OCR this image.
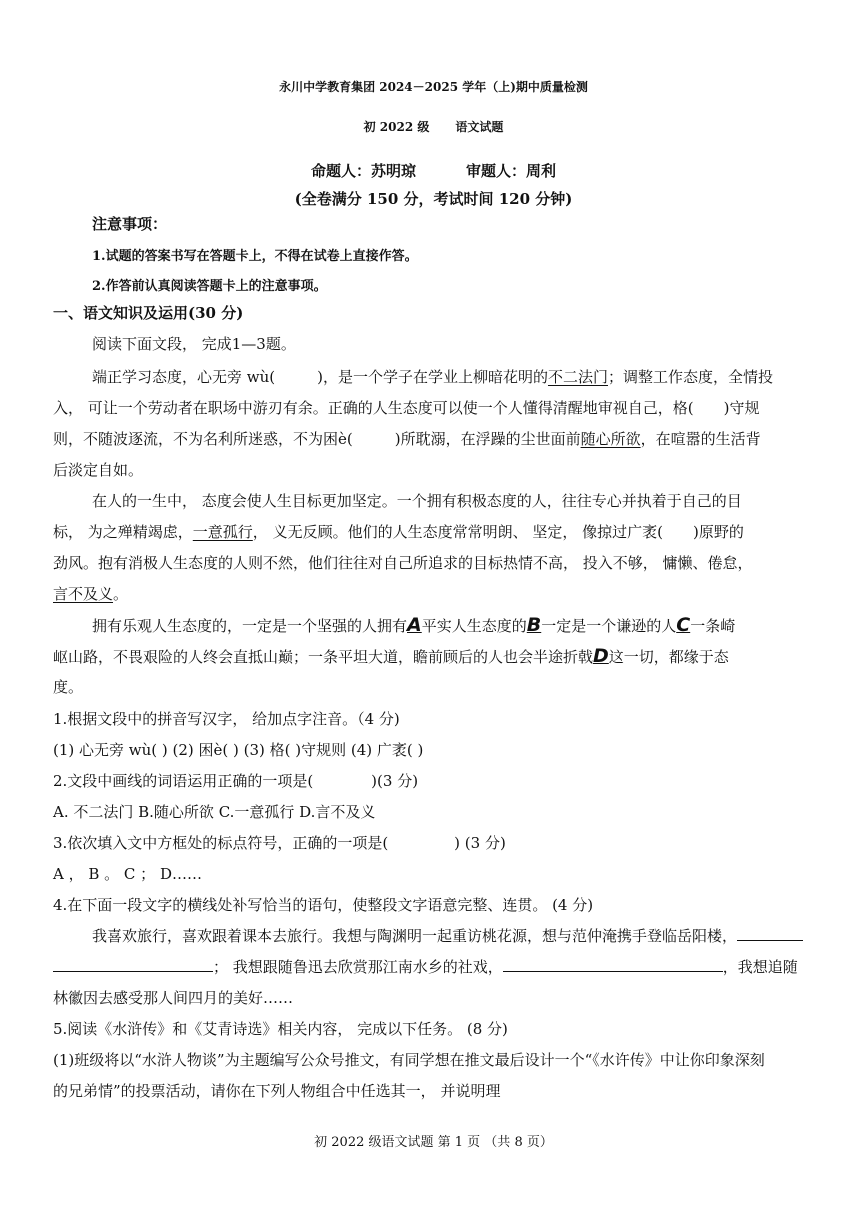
永川中学教育集团 2024－2025 学年（上)期中质量检测
初 2022 级 语文试题
命题人：苏明琼	审题人：周利
(全卷满分 150 分，考试时间 120 分钟)
注意事项：
1.试题的答案书写在答题卡上，不得在试卷上直接作答。
2.作答前认真阅读答题卡上的注意事项。
一、语文知识及运用(30 分)
阅读下面文段， 完成1—3题。
端正学习态度，心无旁 wù(	)，是一个学子在学业上柳暗花明的不二法门；调整工作态度，全情投
入， 可让一个劳动者在职场中游刃有余。正确的人生态度可以使一个人懂得清醒地审视自己，格( )守规
则，不随波逐流，不为名利所迷惑，不为困è(	)所耽溺，在浮躁的尘世面前随心所欲，在喧嚣的生活背
后淡定自如。
在人的一生中， 态度会使人生目标更加坚定。一个拥有积极态度的人，往往专心并执着于自己的目
标， 为之殚精竭虑，一意孤行， 义无反顾。他们的人生态度常常明朗、 坚定， 像掠过广袤( )原野的
劲风。抱有消极人生态度的人则不然，他们往往对自己所追求的目标热情不高， 投入不够， 慵懒、倦怠，
言不及义。
拥有乐观人生态度的，一定是一个坚强的人拥有A平实人生态度的B一定是一个谦逊的人C一条崎
岖山路，不畏艰险的人终会直抵山巅；一条平坦大道，瞻前顾后的人也会半途折戟D这一切，都缘于态
度。
1.根据文段中的拼音写汉字， 给加点字注音。（4 分)
(1) 心无旁 wù( ) (2) 困è( ) (3) 格( )守规则 (4) 广袤( )
2.文段中画线的词语运用正确的一项是(	)(3 分)
A. 不二法门 B.随心所欲 C.一意孤行 D.言不及义
3.依次填入文中方框处的标点符号，正确的一项是(	) (3 分)
A ， B 。 C ； D……
4.在下面一段文字的横线处补写恰当的语句，使整段文字语意完整、连贯。 (4 分)
我喜欢旅行，喜欢跟着课本去旅行。我想与陶渊明一起重访桃花源，想与范仲淹携手登临岳阳楼，
； 我想跟随鲁迅去欣赏那江南水乡的社戏，	，我想追随
林徽因去感受那人间四月的美好……
5.阅读《水浒传》和《艾青诗选》相关内容， 完成以下任务。 (8 分)
(1)班级将以“水浒人物谈”为主题编写公众号推文，有同学想在推文最后设计一个“《水许传》中让你印象深刻
的兄弟情”的投票活动，请你在下列人物组合中任选其一， 并说明理
初 2022 级语文试题 第 1 页 （共 8 页）
